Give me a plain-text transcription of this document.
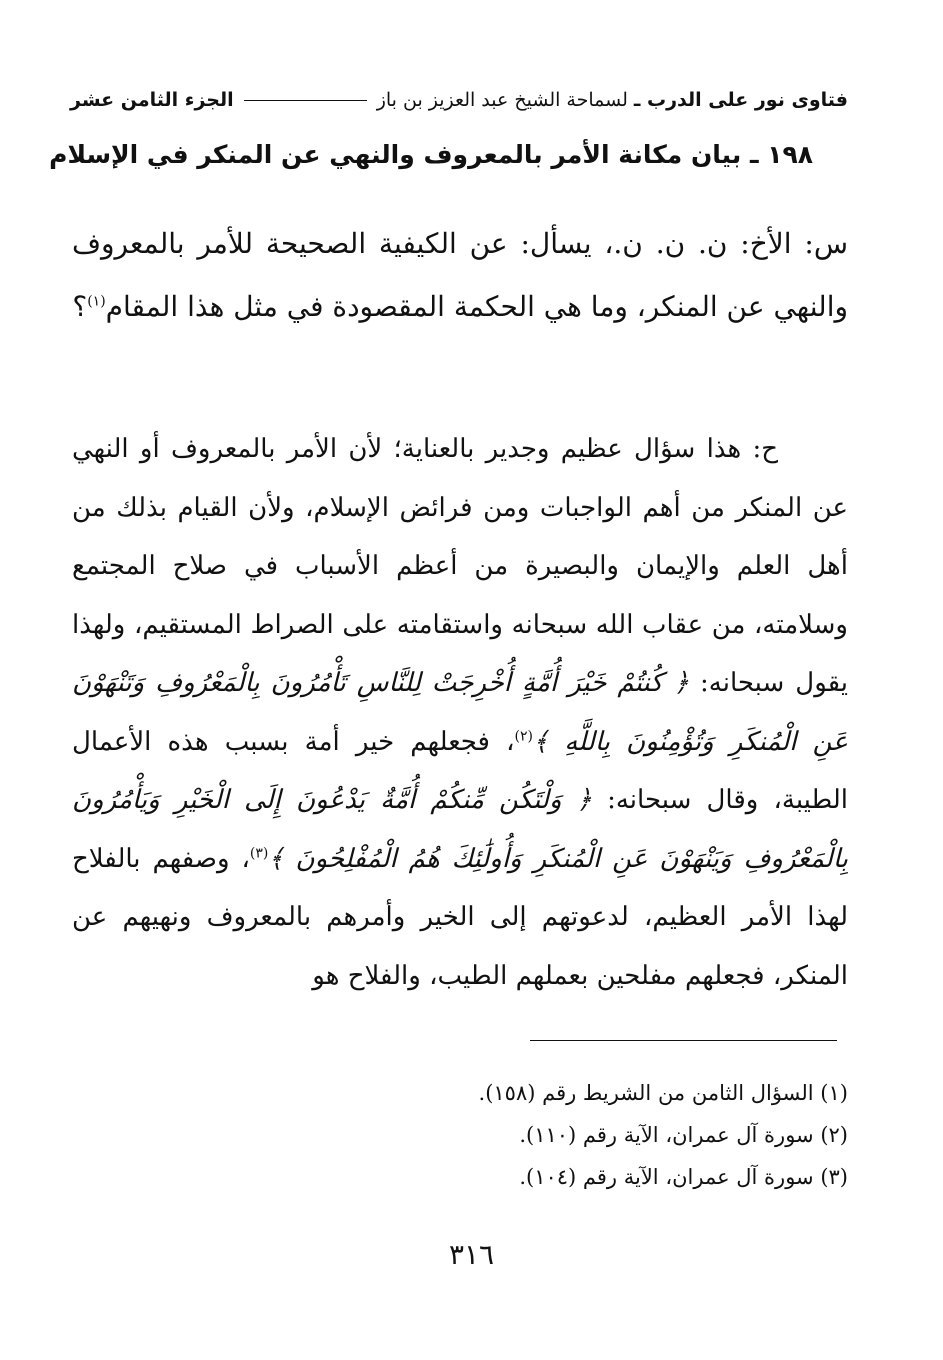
فتاوى نور على الدرب ـ
لسماحة الشيخ عبد العزيز بن باز
الجزء الثامن عشر
١٩٨ ـ بيان مكانة الأمر بالمعروف والنهي عن المنكر في الإسلام
س: الأخ: ن. ن. ن.، يسأل: عن الكيفية الصحيحة للأمر بالمعروف والنهي عن المنكر، وما هي الحكمة المقصودة في مثل هذا المقام$^{(١)}$؟

ح: هذا سؤال عظيم وجدير بالعناية؛ لأن الأمر بالمعروف أو النهي عن المنكر من أهم الواجبات ومن فرائض الإسلام، ولأن القيام بذلك من أهل العلم والإيمان والبصيرة من أعظم الأسباب في صلاح المجتمع وسلامته، من عقاب الله سبحانه واستقامته على الصراط المستقيم، ولهذا يقول سبحانه: ﴿ كُنتُمْ خَيْرَ أُمَّةٍ أُخْرِجَتْ لِلنَّاسِ تَأْمُرُونَ بِالْمَعْرُوفِ وَتَنْهَوْنَ عَنِ الْمُنكَرِ وَتُؤْمِنُونَ بِاللَّهِ ﴾$^{(٢)}$، فجعلهم خير أمة بسبب هذه الأعمال الطيبة، وقال سبحانه: ﴿ وَلْتَكُن مِّنكُمْ أُمَّةٌ يَدْعُونَ إِلَى الْخَيْرِ وَيَأْمُرُونَ بِالْمَعْرُوفِ وَيَنْهَوْنَ عَنِ الْمُنكَرِ وَأُولَٰئِكَ هُمُ الْمُفْلِحُونَ ﴾$^{(٣)}$، وصفهم بالفلاح لهذا الأمر العظيم، لدعوتهم إلى الخير وأمرهم بالمعروف ونهيهم عن المنكر، فجعلهم مفلحين بعملهم الطيب، والفلاح هو

(١) السؤال الثامن من الشريط رقم (١٥٨).
(٢) سورة آل عمران، الآية رقم (١١٠).
(٣) سورة آل عمران، الآية رقم (١٠٤).
٣١٦
